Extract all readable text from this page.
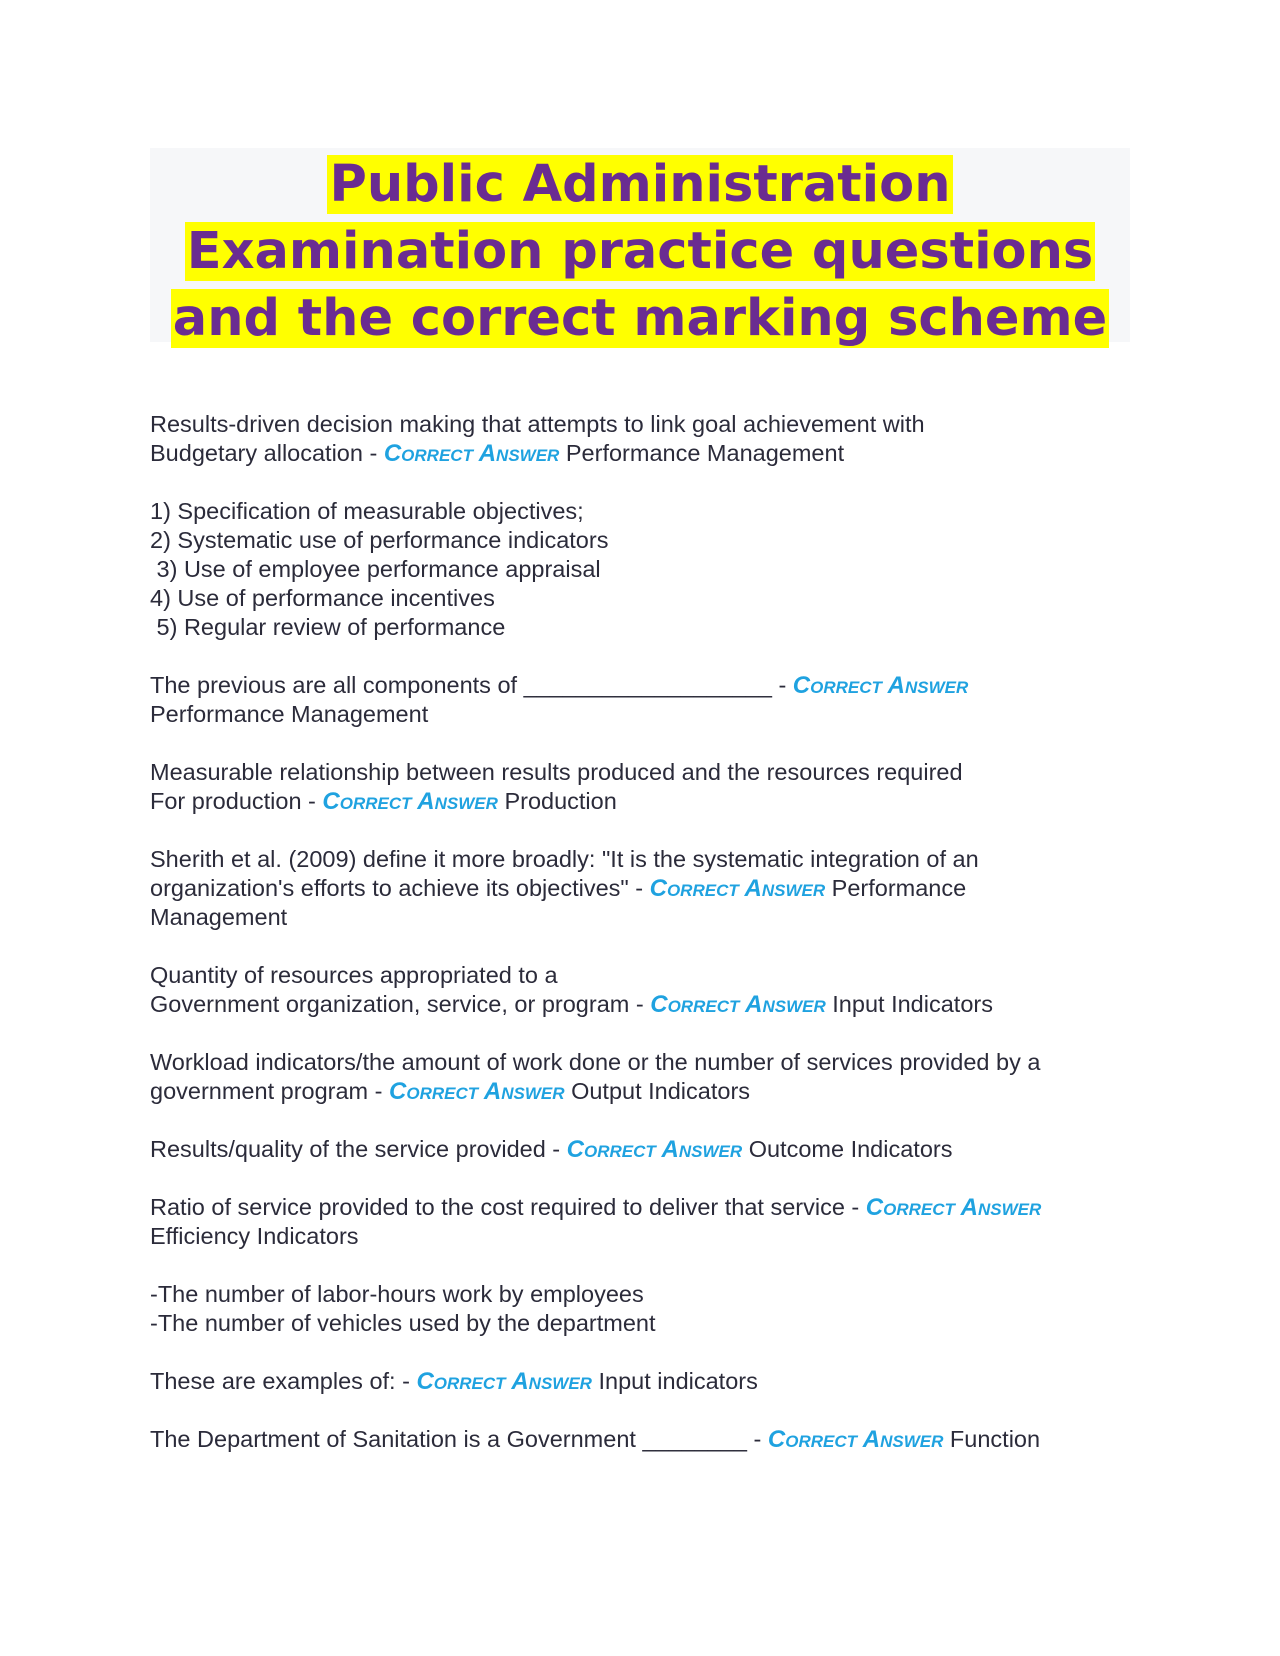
Public Administration
Examination practice questions
and the correct marking scheme
Results-driven decision making that attempts to link goal achievement with
Budgetary allocation - Correct Answer Performance Management
1) Specification of measurable objectives;
2) Systematic use of performance indicators
3) Use of employee performance appraisal
4) Use of performance incentives
5) Regular review of performance
The previous are all components of ___________________ - Correct Answer
Performance Management
Measurable relationship between results produced and the resources required
For production - Correct Answer Production
Sherith et al. (2009) define it more broadly: "It is the systematic integration of an
organization's efforts to achieve its objectives" - Correct Answer Performance
Management
Quantity of resources appropriated to a
Government organization, service, or program - Correct Answer Input Indicators
Workload indicators/the amount of work done or the number of services provided by a
government program - Correct Answer Output Indicators
Results/quality of the service provided - Correct Answer Outcome Indicators
Ratio of service provided to the cost required to deliver that service - Correct Answer
Efficiency Indicators
-The number of labor-hours work by employees
-The number of vehicles used by the department
These are examples of: - Correct Answer Input indicators
The Department of Sanitation is a Government ________ - Correct Answer Function
